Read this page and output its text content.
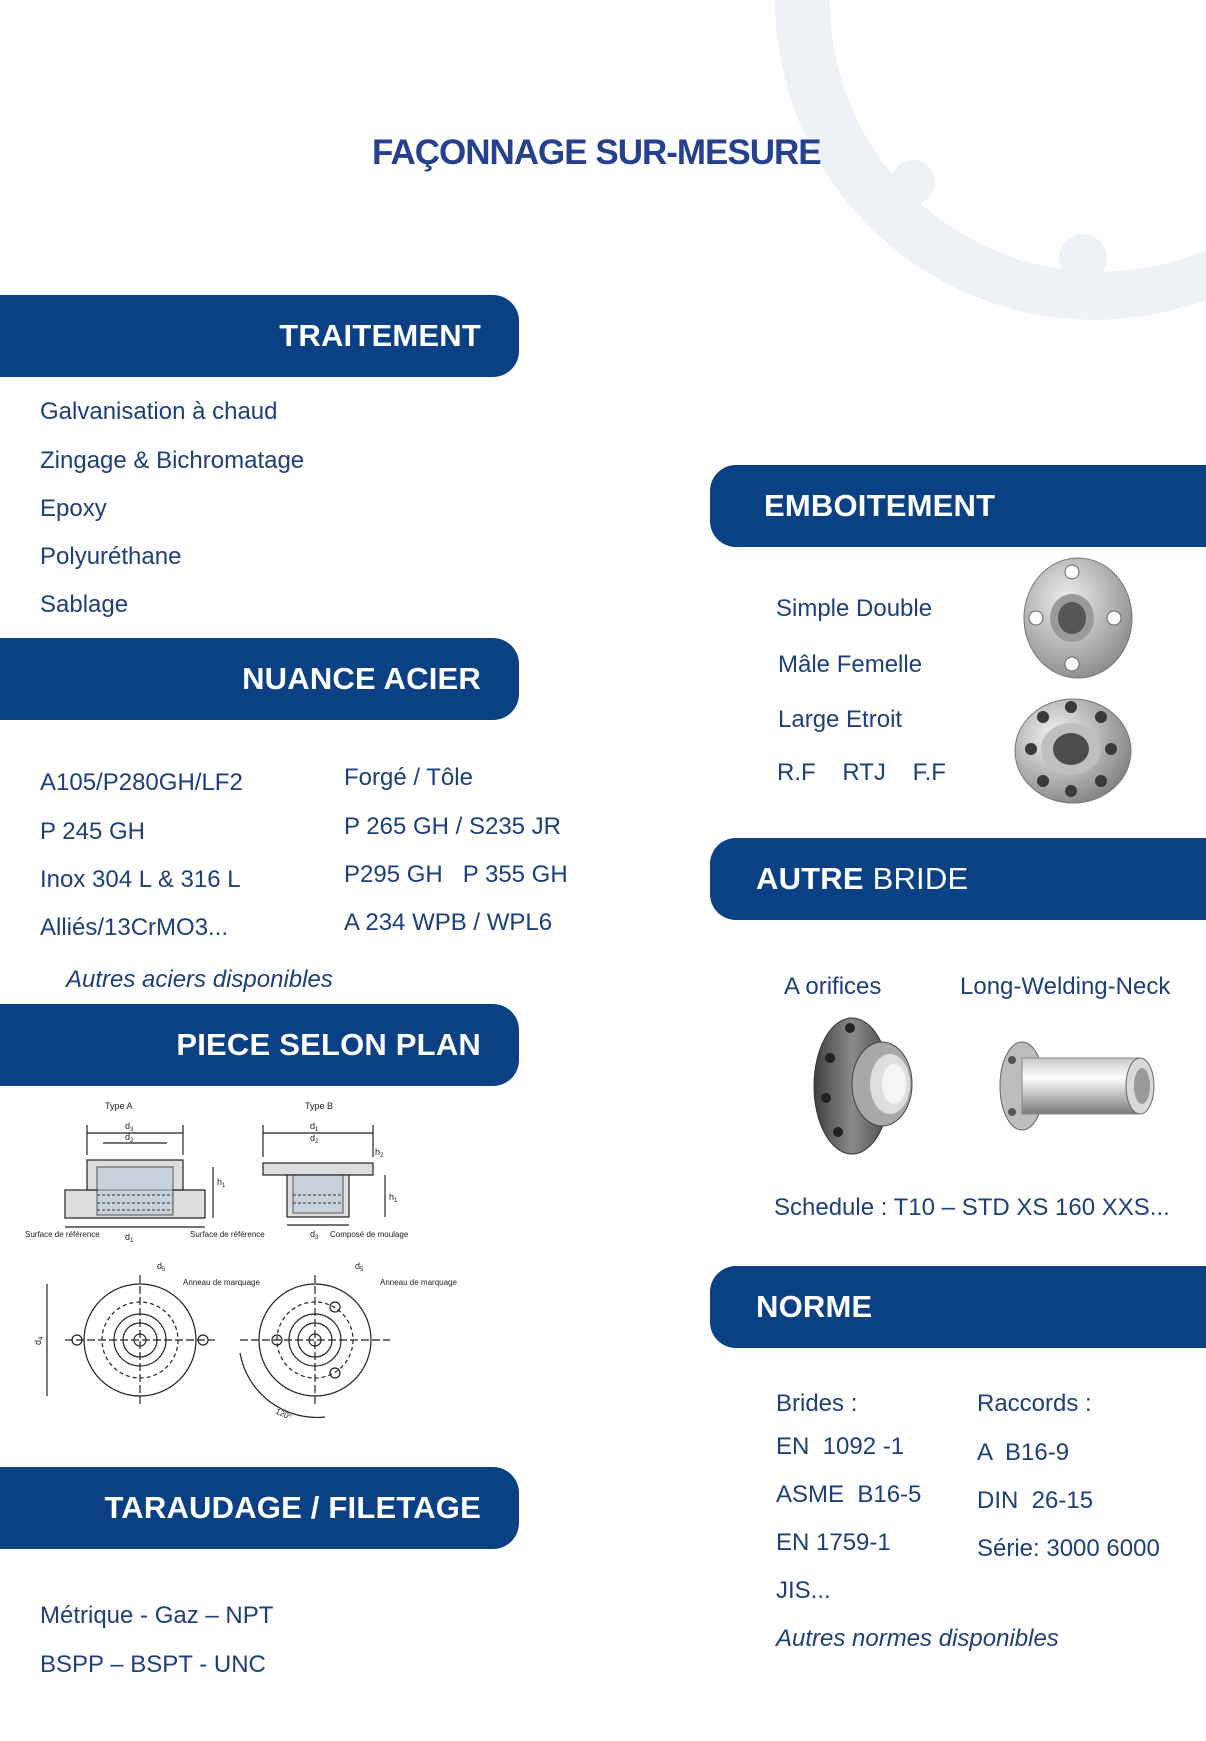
FAÇONNAGE SUR-MESURE
TRAITEMENT
Galvanisation à chaud
Zingage & Bichromatage
Epoxy
Polyuréthane
Sablage
NUANCE ACIER
A105/P280GH/LF2
P 245 GH
Inox 304 L & 316 L
Alliés/13CrMO3...
Forgé / Tôle
P 265 GH / S235 JR
P295 GH   P 355 GH
A 234 WPB / WPL6
Autres aciers disponibles
PIECE SELON PLAN
Type A
$d_3$
$d_2$
$d_1$
$h_1$
Surface de référence
Type B
$d_1$
$d_2$
$d_3$
$h_1$
$h_2$
Surface de référence	Composé de moulage
$d_4$
$d_5$
Anneau de marquage
120°
$d_5$
Anneau de marquage
TARAUDAGE / FILETAGE
Métrique - Gaz – NPT
BSPP – BSPT - UNC
EMBOITEMENT
Simple Double
Mâle Femelle
Large Etroit
R.F    RTJ    F.F
AUTRE BRIDE
A orifices	Long-Welding-Neck
Schedule : T10 – STD XS 160 XXS...
NORME
Brides :
EN  1092 -1
ASME  B16-5
EN 1759-1
JIS...
Raccords :
A  B16-9
DIN  26-15
Série: 3000 6000
Autres normes disponibles
